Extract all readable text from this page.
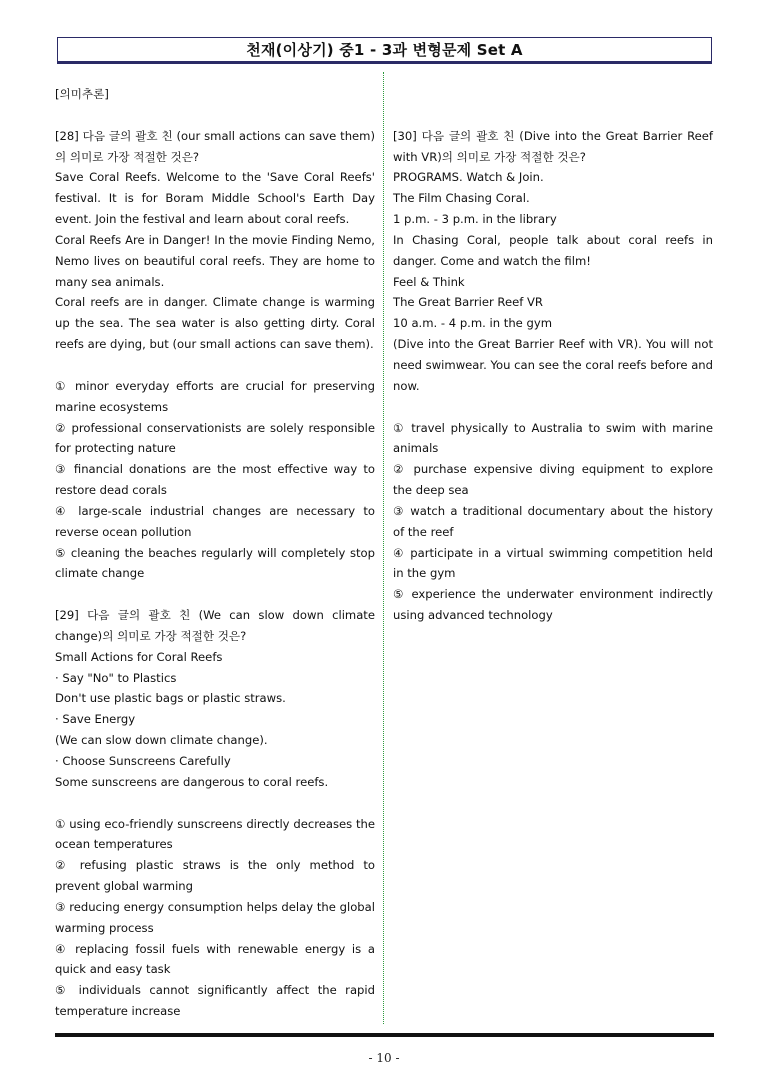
천재(이상기) 중1 - 3과 변형문제 Set A
[의미추론]
[28] 다음 글의 괄호 친 (our small actions can save them)의 의미로 가장 적절한 것은?
Save Coral Reefs. Welcome to the 'Save Coral Reefs' festival. It is for Boram Middle School's Earth Day event. Join the festival and learn about coral reefs.
Coral Reefs Are in Danger! In the movie Finding Nemo, Nemo lives on beautiful coral reefs. They are home to many sea animals.
Coral reefs are in danger. Climate change is warming up the sea. The sea water is also getting dirty. Coral reefs are dying, but (our small actions can save them).
① minor everyday efforts are crucial for preserving marine ecosystems
② professional conservationists are solely responsible for protecting nature
③ financial donations are the most effective way to restore dead corals
④ large-scale industrial changes are necessary to reverse ocean pollution
⑤ cleaning the beaches regularly will completely stop climate change
[29] 다음 글의 괄호 친 (We can slow down climate change)의 의미로 가장 적절한 것은?
Small Actions for Coral Reefs
· Say "No" to Plastics
Don't use plastic bags or plastic straws.
· Save Energy
(We can slow down climate change).
· Choose Sunscreens Carefully
Some sunscreens are dangerous to coral reefs.
① using eco-friendly sunscreens directly decreases the ocean temperatures
② refusing plastic straws is the only method to prevent global warming
③ reducing energy consumption helps delay the global warming process
④ replacing fossil fuels with renewable energy is a quick and easy task
⑤ individuals cannot significantly affect the rapid temperature increase
[30] 다음 글의 괄호 친 (Dive into the Great Barrier Reef with VR)의 의미로 가장 적절한 것은?
PROGRAMS. Watch & Join.
The Film Chasing Coral.
1 p.m. - 3 p.m. in the library
In Chasing Coral, people talk about coral reefs in danger. Come and watch the film!
Feel & Think
The Great Barrier Reef VR
10 a.m. - 4 p.m. in the gym
(Dive into the Great Barrier Reef with VR). You will not need swimwear. You can see the coral reefs before and now.
① travel physically to Australia to swim with marine animals
② purchase expensive diving equipment to explore the deep sea
③ watch a traditional documentary about the history of the reef
④ participate in a virtual swimming competition held in the gym
⑤ experience the underwater environment indirectly using advanced technology
- 10 -
